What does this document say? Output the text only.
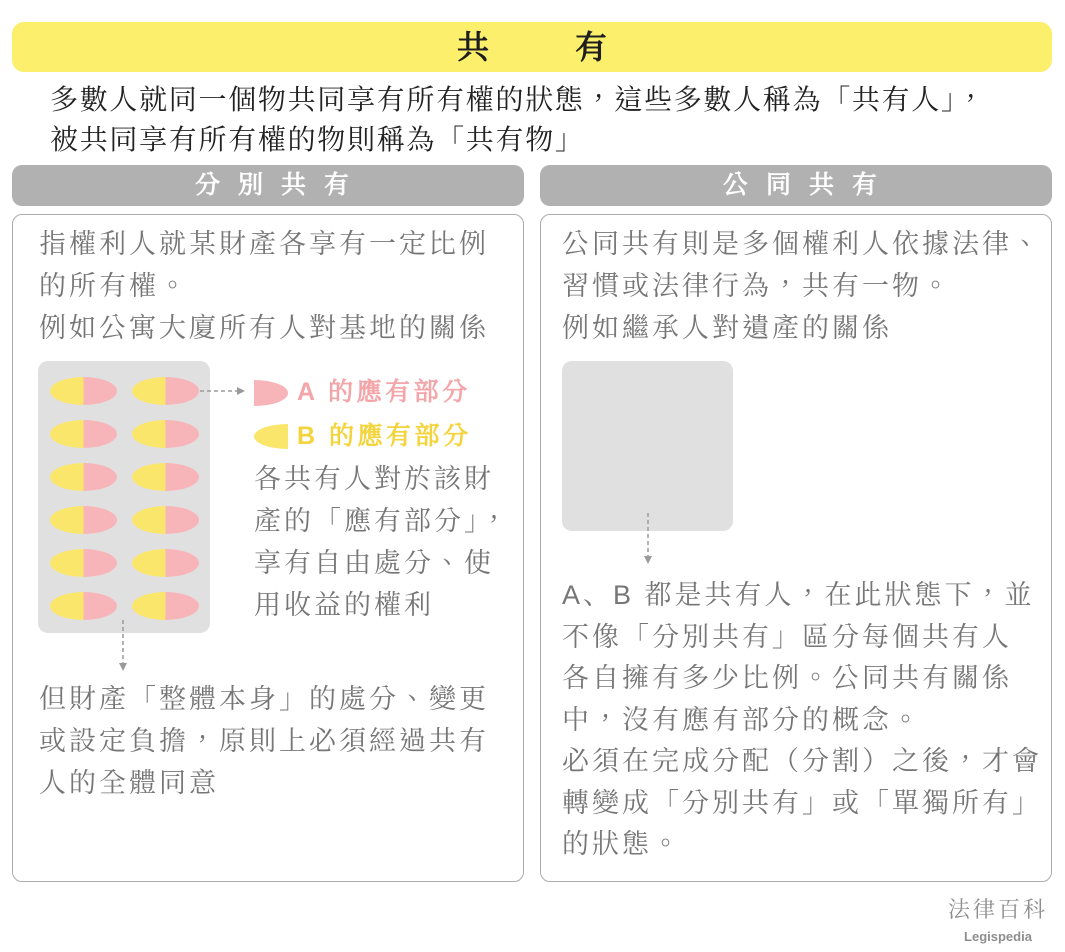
共有
多數人就同一個物共同享有所有權的狀態，這些多數人稱為「共有人」，
被共同享有所有權的物則稱為「共有物」
分別共有	公同共有
指權利人就某財產各享有一定比例
的所有權。
例如公寓大廈所有人對基地的關係
A 的應有部分
B 的應有部分
各共有人對於該財
產的「應有部分」，
享有自由處分、使
用收益的權利
但財產「整體本身」的處分、變更
或設定負擔，原則上必須經過共有
人的全體同意
公同共有則是多個權利人依據法律、
習慣或法律行為，共有一物。
例如繼承人對遺產的關係
A、B 都是共有人，在此狀態下，並
不像「分別共有」區分每個共有人
各自擁有多少比例。公同共有關係
中，沒有應有部分的概念。
必須在完成分配（分割）之後，才會
轉變成「分別共有」或「單獨所有」
的狀態。
法律百科
Legispedia
